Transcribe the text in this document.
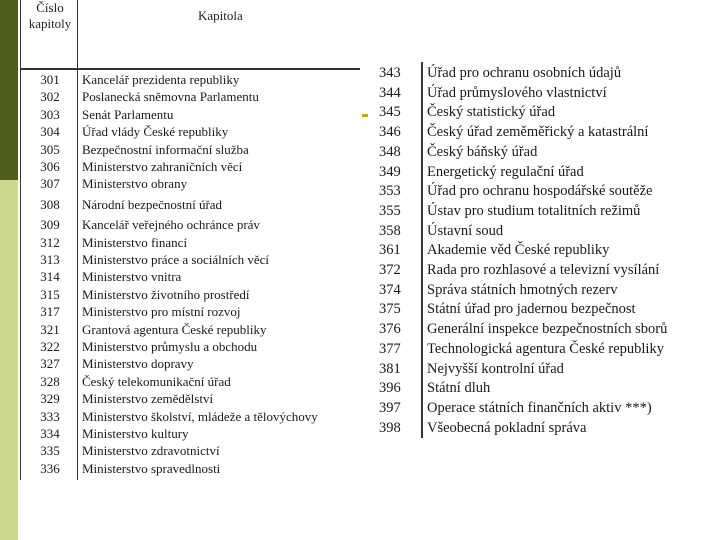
Číslo
kapitoly
Kapitola
301	Kancelář prezidenta republiky
302	Poslanecká sněmovna Parlamentu
303	Senát Parlamentu
304	Úřad vlády České republiky
305	Bezpečnostní informační služba
306	Ministerstvo zahraničních věcí
307	Ministerstvo obrany
308	Národní bezpečnostní úřad
309	Kancelář veřejného ochránce práv
312	Ministerstvo financí
313	Ministerstvo práce a sociálních věcí
314	Ministerstvo vnitra
315	Ministerstvo životního prostředí
317	Ministerstvo pro místní rozvoj
321	Grantová agentura České republiky
322	Ministerstvo průmyslu a obchodu
327	Ministerstvo dopravy
328	Český telekomunikační úřad
329	Ministerstvo zemědělství
333	Ministerstvo školství, mládeže a tělovýchovy
334	Ministerstvo kultury
335	Ministerstvo zdravotnictví
336	Ministerstvo spravedlnosti
343	Úřad pro ochranu osobních údajů
344	Úřad průmyslového vlastnictví
345	Český statistický úřad
346	Český úřad zeměměřický a katastrální
348	Český báňský úřad
349	Energetický regulační úřad
353	Úřad pro ochranu hospodářské soutěže
355	Ústav pro studium totalitních režimů
358	Ústavní soud
361	Akademie věd České republiky
372	Rada pro rozhlasové a televizní vysílání
374	Správa státních hmotných rezerv
375	Státní úřad pro jadernou bezpečnost
376	Generální inspekce bezpečnostních sborů
377	Technologická agentura České republiky
381	Nejvyšší kontrolní úřad
396	Státní dluh
397	Operace státních finančních aktiv ***)
398	Všeobecná pokladní správa
